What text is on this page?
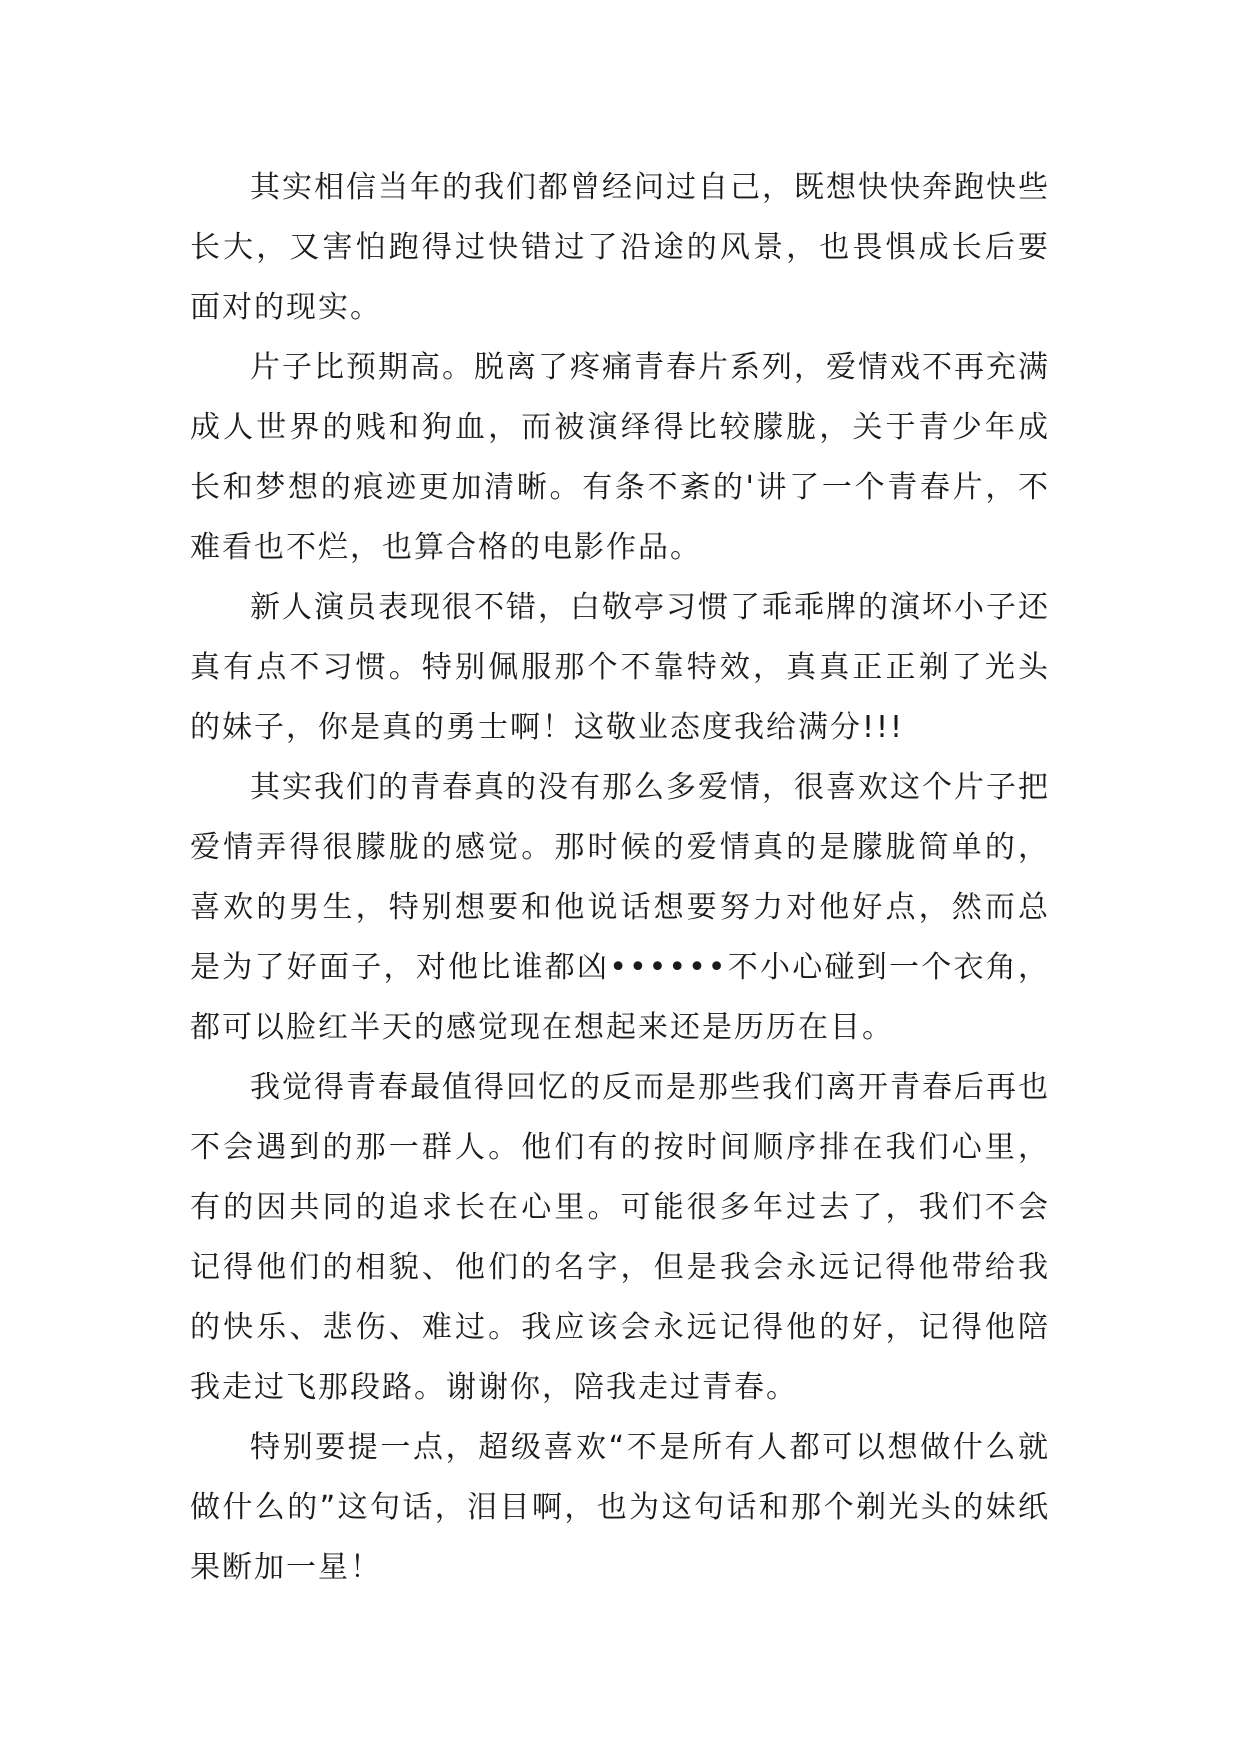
其实相信当年的我们都曾经问过自己，既想快快奔跑快些长大，又害怕跑得过快错过了沿途的风景，也畏惧成长后要面对的现实。

片子比预期高。脱离了疼痛青春片系列，爱情戏不再充满成人世界的贱和狗血，而被演绎得比较朦胧，关于青少年成长和梦想的痕迹更加清晰。有条不紊的'讲了一个青春片，不难看也不烂，也算合格的电影作品。

新人演员表现很不错，白敬亭习惯了乖乖牌的演坏小子还真有点不习惯。特别佩服那个不靠特效，真真正正剃了光头的妹子，你是真的勇士啊！这敬业态度我给满分!!!

其实我们的青春真的没有那么多爱情，很喜欢这个片子把爱情弄得很朦胧的感觉。那时候的爱情真的是朦胧简单的，喜欢的男生，特别想要和他说话想要努力对他好点，然而总是为了好面子，对他比谁都凶••••••不小心碰到一个衣角，都可以脸红半天的感觉现在想起来还是历历在目。

我觉得青春最值得回忆的反而是那些我们离开青春后再也不会遇到的那一群人。他们有的按时间顺序排在我们心里，有的因共同的追求长在心里。可能很多年过去了，我们不会记得他们的相貌、他们的名字，但是我会永远记得他带给我的快乐、悲伤、难过。我应该会永远记得他的好，记得他陪我走过飞那段路。谢谢你，陪我走过青春。

特别要提一点，超级喜欢“不是所有人都可以想做什么就做什么的”这句话，泪目啊，也为这句话和那个剃光头的妹纸果断加一星！
